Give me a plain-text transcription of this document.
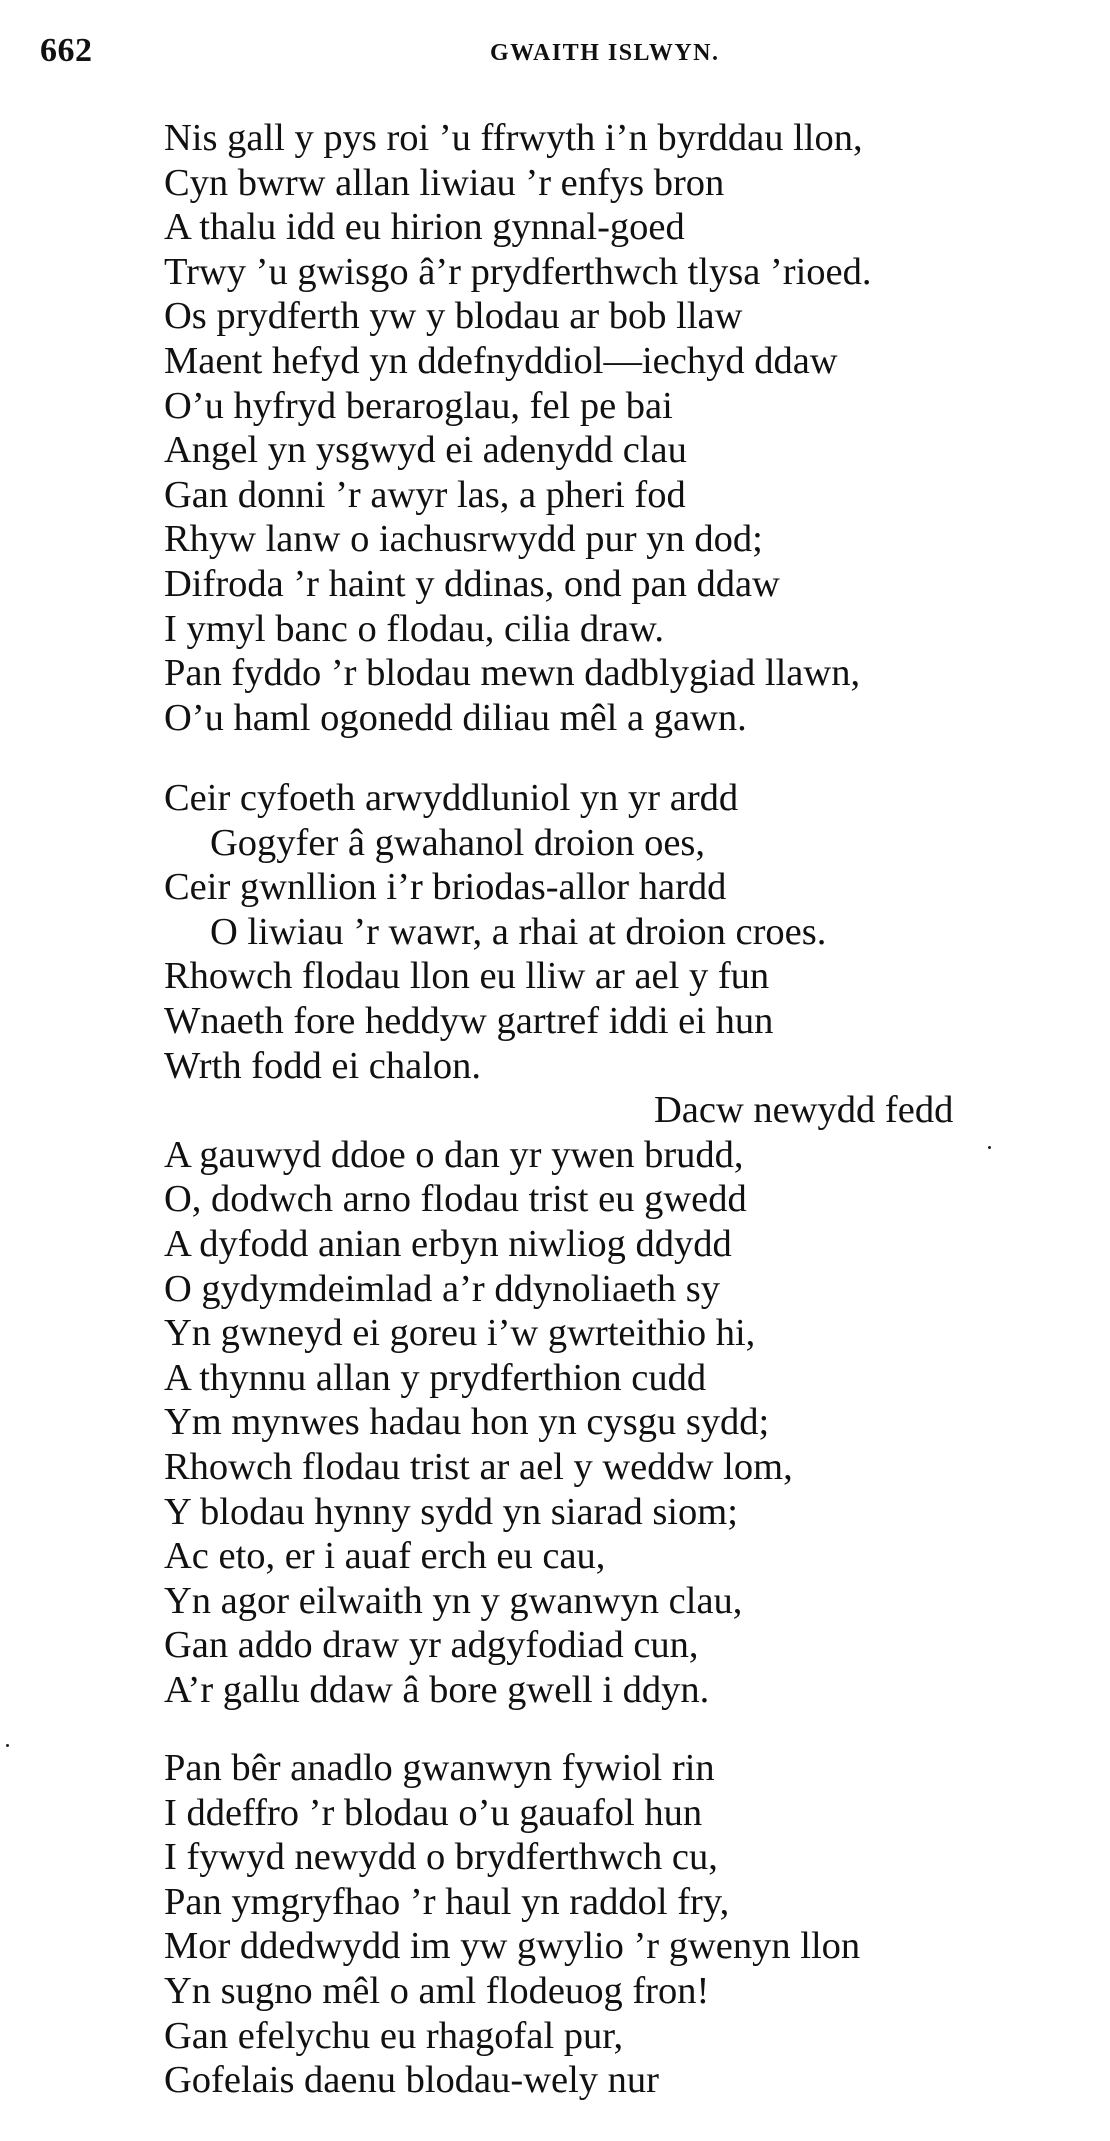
662	GWAITH ISLWYN.
Nis gall y pys roi ’u ffrwyth i’n byrddau llon,
Cyn bwrw allan liwiau ’r enfys bron
A thalu idd eu hirion gynnal-goed
Trwy ’u gwisgo â’r prydferthwch tlysa ’rioed.
Os prydferth yw y blodau ar bob llaw
Maent hefyd yn ddefnyddiol—iechyd ddaw
O’u hyfryd beraroglau, fel pe bai
Angel yn ysgwyd ei adenydd clau
Gan donni ’r awyr las, a pheri fod
Rhyw lanw o iachusrwydd pur yn dod;
Difroda ’r haint y ddinas, ond pan ddaw
I ymyl banc o flodau, cilia draw.
Pan fyddo ’r blodau mewn dadblygiad llawn,
O’u haml ogonedd diliau mêl a gawn.
Ceir cyfoeth arwyddluniol yn yr ardd
Gogyfer â gwahanol droion oes,
Ceir gwnllion i’r briodas-allor hardd
O liwiau ’r wawr, a rhai at droion croes.
Rhowch flodau llon eu lliw ar ael y fun
Wnaeth fore heddyw gartref iddi ei hun
Wrth fodd ei chalon.
Dacw newydd fedd
A gauwyd ddoe o dan yr ywen brudd,
O, dodwch arno flodau trist eu gwedd
A dyfodd anian erbyn niwliog ddydd
O gydymdeimlad a’r ddynoliaeth sy
Yn gwneyd ei goreu i’w gwrteithio hi,
A thynnu allan y prydferthion cudd
Ym mynwes hadau hon yn cysgu sydd;
Rhowch flodau trist ar ael y weddw lom,
Y blodau hynny sydd yn siarad siom;
Ac eto, er i auaf erch eu cau,
Yn agor eilwaith yn y gwanwyn clau,
Gan addo draw yr adgyfodiad cun,
A’r gallu ddaw â bore gwell i ddyn.
Pan bêr anadlo gwanwyn fywiol rin
I ddeffro ’r blodau o’u gauafol hun
I fywyd newydd o brydferthwch cu,
Pan ymgryfhao ’r haul yn raddol fry,
Mor ddedwydd im yw gwylio ’r gwenyn llon
Yn sugno mêl o aml flodeuog fron!
Gan efelychu eu rhagofal pur,
Gofelais daenu blodau-wely nur
